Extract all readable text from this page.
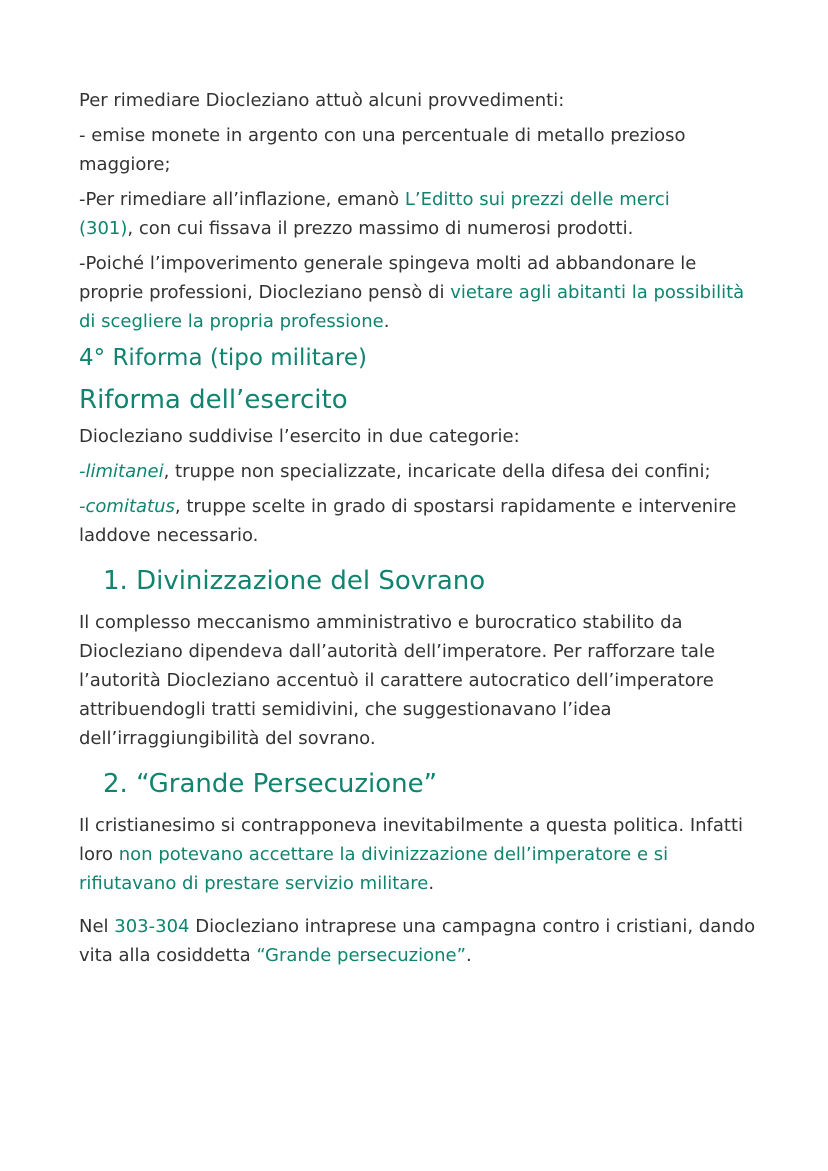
Per rimediare Diocleziano attuò alcuni provvedimenti:

- emise monete in argento con una percentuale di metallo prezioso maggiore;

-Per rimediare all’inflazione, emanò L’Editto sui prezzi delle merci
(301), con cui fissava il prezzo massimo di numerosi prodotti.

-Poiché l’impoverimento generale spingeva molti ad abbandonare le proprie professioni, Diocleziano pensò di vietare agli abitanti la possibilità di scegliere la propria professione.

4° Riforma (tipo militare)
Riforma dell’esercito

Diocleziano suddivise l’esercito in due categorie:

-limitanei, truppe non specializzate, incaricate della difesa dei confini;

-comitatus, truppe scelte in grado di spostarsi rapidamente e intervenire laddove necessario.

1. Divinizzazione del Sovrano

Il complesso meccanismo amministrativo e burocratico stabilito da Diocleziano dipendeva dall’autorità dell’imperatore. Per rafforzare tale l’autorità Diocleziano accentuò il carattere autocratico dell’imperatore attribuendogli tratti semidivini, che suggestionavano l’idea dell’irraggiungibilità del sovrano.

2. “Grande Persecuzione”

Il cristianesimo si contrapponeva inevitabilmente a questa politica. Infatti loro non potevano accettare la divinizzazione dell’imperatore e si rifiutavano di prestare servizio militare.

Nel 303-304 Diocleziano intraprese una campagna contro i cristiani, dando vita alla cosiddetta “Grande persecuzione”.
